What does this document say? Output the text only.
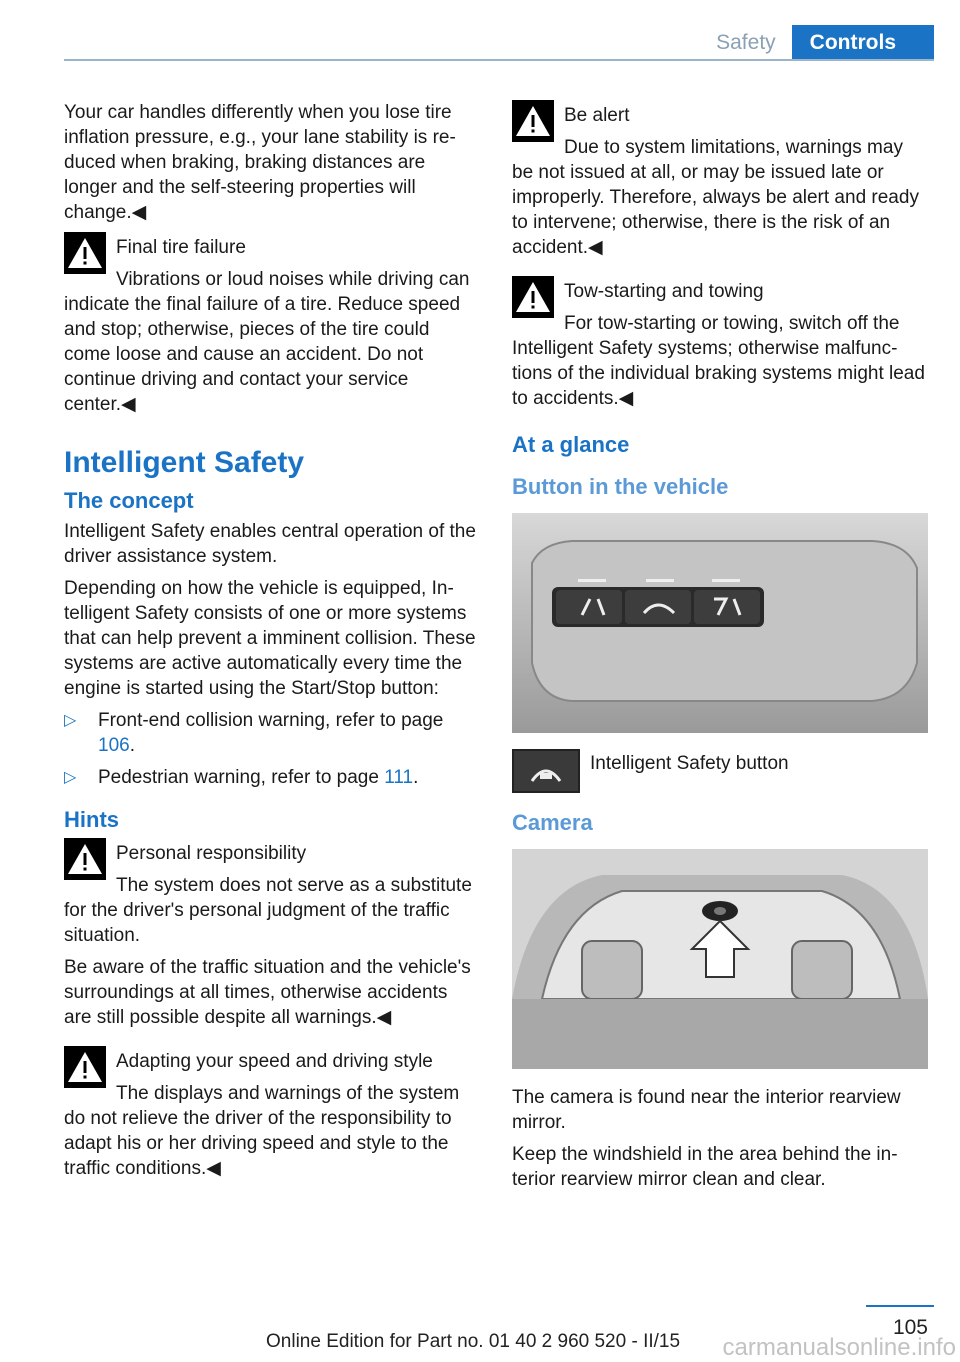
Safety	Controls

Your car handles differently when you lose tire inflation pressure, e.g., your lane stability is reduced when braking, braking distances are longer and the self-steering properties will change.◀

Final tire failure
Vibrations or loud noises while driving can indicate the final failure of a tire. Reduce speed and stop; otherwise, pieces of the tire could come loose and cause an accident. Do not continue driving and contact your service center.◀
Intelligent Safety
The concept

Intelligent Safety enables central operation of the driver assistance system.

Depending on how the vehicle is equipped, Intelligent Safety consists of one or more systems that can help prevent a imminent collision. These systems are active automatically every time the engine is started using the Start/Stop button:

▷ Front-end collision warning, refer to page 106.
▷ Pedestrian warning, refer to page 111.
Hints
Personal responsibility
The system does not serve as a substitute for the driver's personal judgment of the traffic situation.

Be aware of the traffic situation and the vehicle's surroundings at all times, otherwise accidents are still possible despite all warnings.◀

Adapting your speed and driving style
The displays and warnings of the system do not relieve the driver of the responsibility to adapt his or her driving speed and style to the traffic conditions.◀
Be alert
Due to system limitations, warnings may be not issued at all, or may be issued late or improperly. Therefore, always be alert and ready to intervene; otherwise, there is the risk of an accident.◀
Tow-starting and towing
For tow-starting or towing, switch off the Intelligent Safety systems; otherwise malfunctions of the individual braking systems might lead to accidents.◀
At a glance
Button in the vehicle
Intelligent Safety button
Camera

The camera is found near the interior rearview mirror.

Keep the windshield in the area behind the interior rearview mirror clean and clear.

105
Online Edition for Part no. 01 40 2 960 520 - II/15 carmanualsonline.info
